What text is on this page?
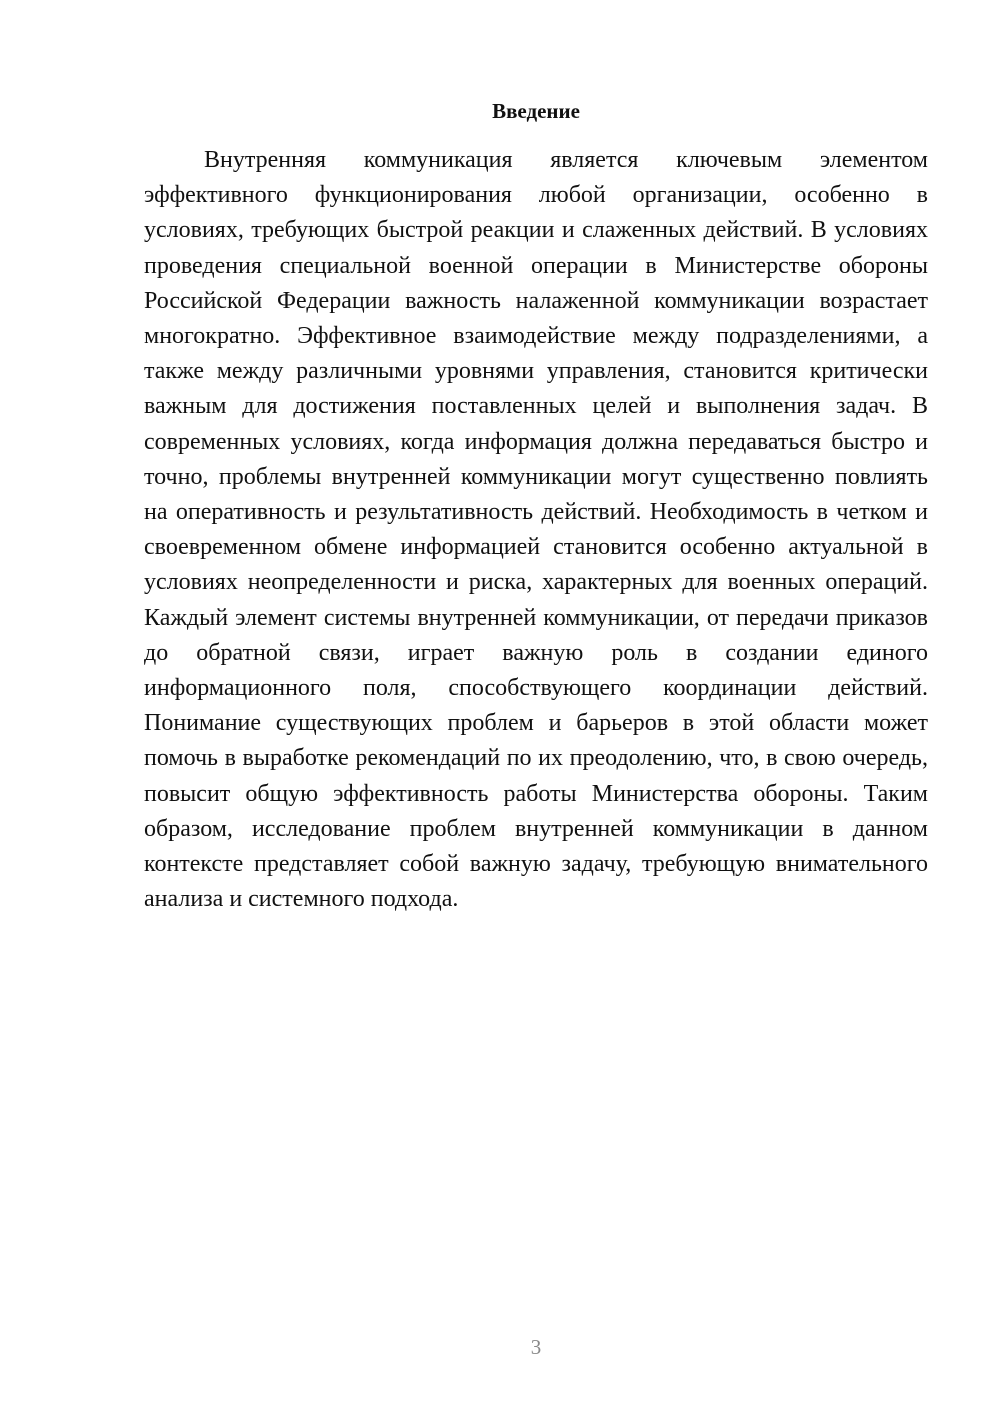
Введение

Внутренняя коммуникация является ключевым элементом эффективного функционирования любой организации, особенно в условиях, требующих быстрой реакции и слаженных действий. В условиях проведения специальной военной операции в Министерстве обороны Российской Федерации важность налаженной коммуникации возрастает многократно. Эффективное взаимодействие между подразделениями, а также между различными уровнями управления, становится критически важным для достижения поставленных целей и выполнения задач. В современных условиях, когда информация должна передаваться быстро и точно, проблемы внутренней коммуникации могут существенно повлиять на оперативность и результативность действий. Необходимость в четком и своевременном обмене информацией становится особенно актуальной в условиях неопределенности и риска, характерных для военных операций. Каждый элемент системы внутренней коммуникации, от передачи приказов до обратной связи, играет важную роль в создании единого информационного поля, способствующего координации действий. Понимание существующих проблем и барьеров в этой области может помочь в выработке рекомендаций по их преодолению, что, в свою очередь, повысит общую эффективность работы Министерства обороны. Таким образом, исследование проблем внутренней коммуникации в данном контексте представляет собой важную задачу, требующую внимательного анализа и системного подхода.

3
